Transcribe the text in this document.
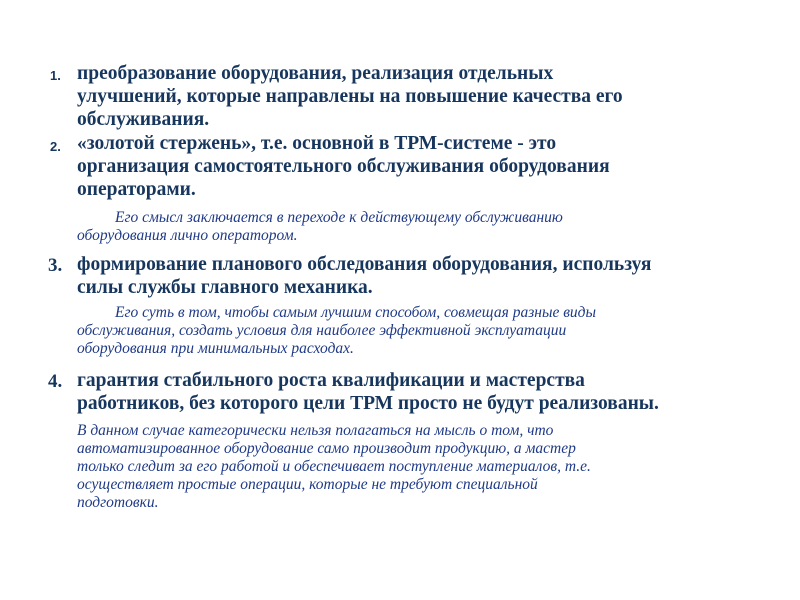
1. преобразование оборудования, реализация отдельных
улучшений, которые направлены на повышение качества его
обслуживания.
2. «золотой стержень», т.е. основной в ТРМ-системе - это
организация самостоятельного обслуживания оборудования
операторами.
Его смысл заключается в переходе к действующему обслуживанию
оборудования лично оператором.
3. формирование планового обследования оборудования, используя
силы службы главного механика.
Его суть в том, чтобы самым лучшим способом, совмещая разные виды
обслуживания, создать условия для наиболее эффективной эксплуатации
оборудования при минимальных расходах.
4. гарантия стабильного роста квалификации и мастерства
работников, без которого цели ТРМ просто не будут реализованы.
В данном случае категорически нельзя полагаться на мысль о том, что
автоматизированное оборудование само производит продукцию, а мастер
только следит за его работой и обеспечивает поступление материалов, т.е.
осуществляет простые операции, которые не требуют специальной
подготовки.
